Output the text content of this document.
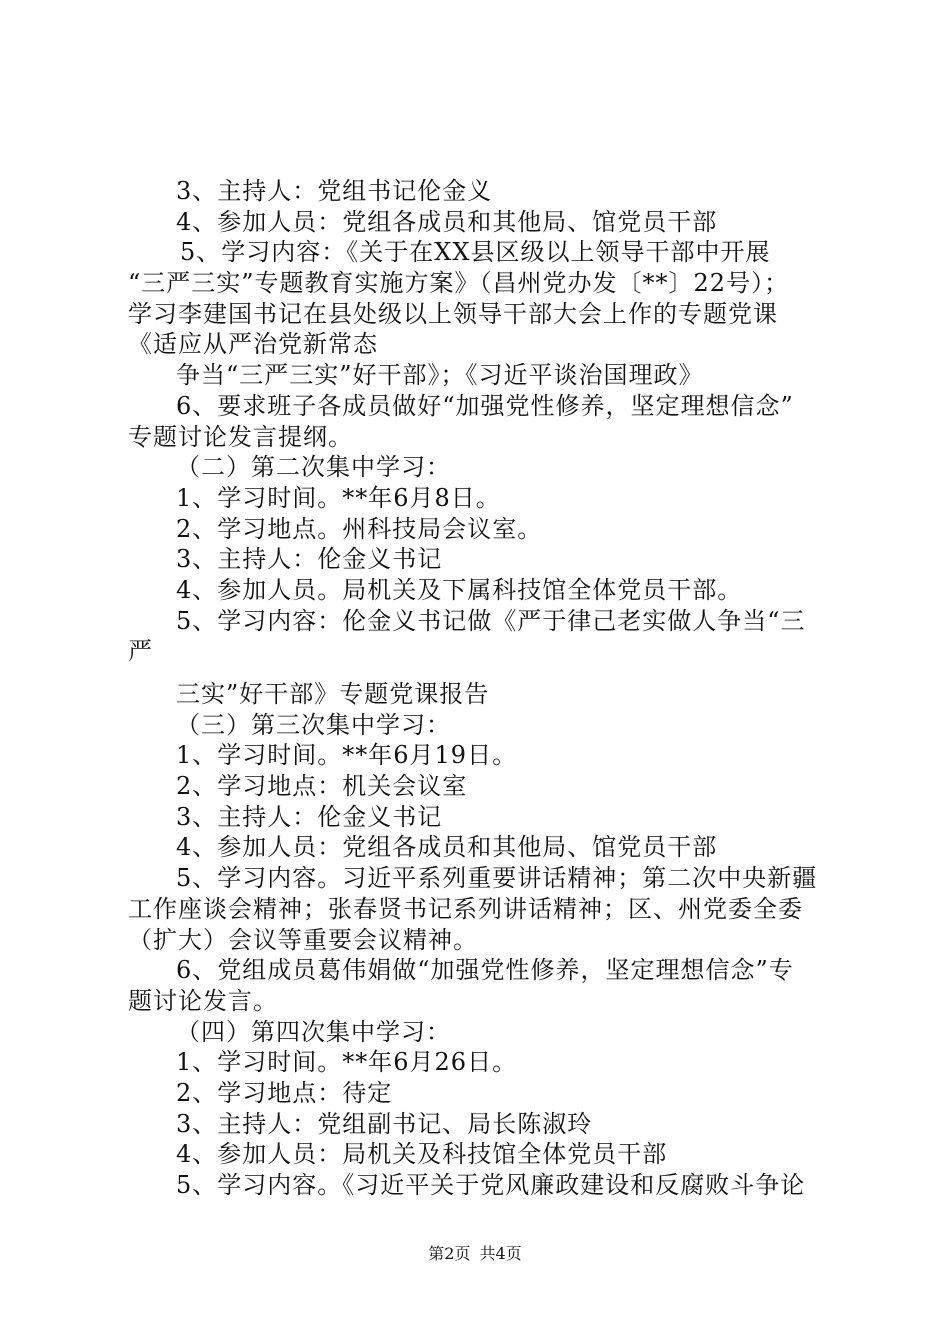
3、主持人：党组书记伦金义
4、参加人员：党组各成员和其他局、馆党员干部
5、学习内容：《关于在XX县区级以上领导干部中开展
“三严三实”专题教育实施方案》（昌州党办发〔**〕22号）；
学习李建国书记在县处级以上领导干部大会上作的专题党课
《适应从严治党新常态
争当“三严三实”好干部》；《习近平谈治国理政》
6、要求班子各成员做好“加强党性修养，坚定理想信念”
专题讨论发言提纲。
（二）第二次集中学习：
1、学习时间。**年6月8日。
2、学习地点。州科技局会议室。
3、主持人：伦金义书记
4、参加人员。局机关及下属科技馆全体党员干部。
5、学习内容：伦金义书记做《严于律己老实做人争当“三
严
三实”好干部》专题党课报告
（三）第三次集中学习：
1、学习时间。**年6月19日。
2、学习地点：机关会议室
3、主持人：伦金义书记
4、参加人员：党组各成员和其他局、馆党员干部
5、学习内容。习近平系列重要讲话精神；第二次中央新疆
工作座谈会精神；张春贤书记系列讲话精神；区、州党委全委
（扩大）会议等重要会议精神。
6、党组成员葛伟娟做“加强党性修养，坚定理想信念”专
题讨论发言。
（四）第四次集中学习：
1、学习时间。**年6月26日。
2、学习地点：待定
3、主持人：党组副书记、局长陈淑玲
4、参加人员：局机关及科技馆全体党员干部
5、学习内容。《习近平关于党风廉政建设和反腐败斗争论
第2页 共4页
